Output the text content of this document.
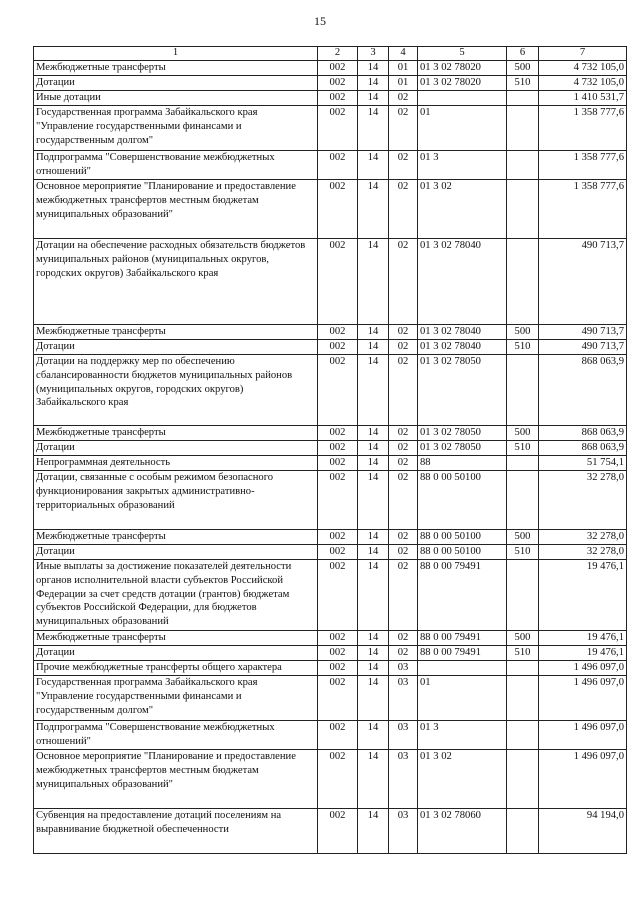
15
1	2	3	4	5	6	7
Межбюджетные трансферты	002	14	01	01 3 02 78020	500	4 732 105,0
Дотации	002	14	01	01 3 02 78020	510	4 732 105,0
Иные дотации	002	14	02			1 410 531,7
Государственная программа Забайкальского края "Управление государственными финансами и государственным долгом"	002	14	02	01		1 358 777,6
Подпрограмма "Совершенствование межбюджетных отношений"	002	14	02	01 3		1 358 777,6
Основное мероприятие "Планирование и предоставление межбюджетных трансфертов местным бюджетам муниципальных образований"	002	14	02	01 3 02		1 358 777,6
Дотации на обеспечение расходных обязательств бюджетов муниципальных районов (муниципальных округов, городских округов) Забайкальского края	002	14	02	01 3 02 78040		490 713,7
Межбюджетные трансферты	002	14	02	01 3 02 78040	500	490 713,7
Дотации	002	14	02	01 3 02 78040	510	490 713,7
Дотации на поддержку мер по обеспечению сбалансированности бюджетов муниципальных районов (муниципальных округов, городских округов) Забайкальского края	002	14	02	01 3 02 78050		868 063,9
Межбюджетные трансферты	002	14	02	01 3 02 78050	500	868 063,9
Дотации	002	14	02	01 3 02 78050	510	868 063,9
Непрограммная деятельность	002	14	02	88		51 754,1
Дотации, связанные с особым режимом безопасного функционирования закрытых административно-территориальных образований	002	14	02	88 0 00 50100		32 278,0
Межбюджетные трансферты	002	14	02	88 0 00 50100	500	32 278,0
Дотации	002	14	02	88 0 00 50100	510	32 278,0
Иные выплаты за достижение показателей деятельности органов исполнительной власти субъектов Российской Федерации за счет средств дотации (грантов) бюджетам субъектов Российской Федерации, для бюджетов муниципальных образований	002	14	02	88 0 00 79491		19 476,1
Межбюджетные трансферты	002	14	02	88 0 00 79491	500	19 476,1
Дотации	002	14	02	88 0 00 79491	510	19 476,1
Прочие межбюджетные трансферты общего характера	002	14	03			1 496 097,0
Государственная программа Забайкальского края "Управление государственными финансами и государственным долгом"	002	14	03	01		1 496 097,0
Подпрограмма "Совершенствование межбюджетных отношений"	002	14	03	01 3		1 496 097,0
Основное мероприятие "Планирование и предоставление межбюджетных трансфертов местным бюджетам муниципальных образований"	002	14	03	01 3 02		1 496 097,0
Субвенция на предоставление дотаций поселениям на выравнивание бюджетной обеспеченности	002	14	03	01 3 02 78060		94 194,0
